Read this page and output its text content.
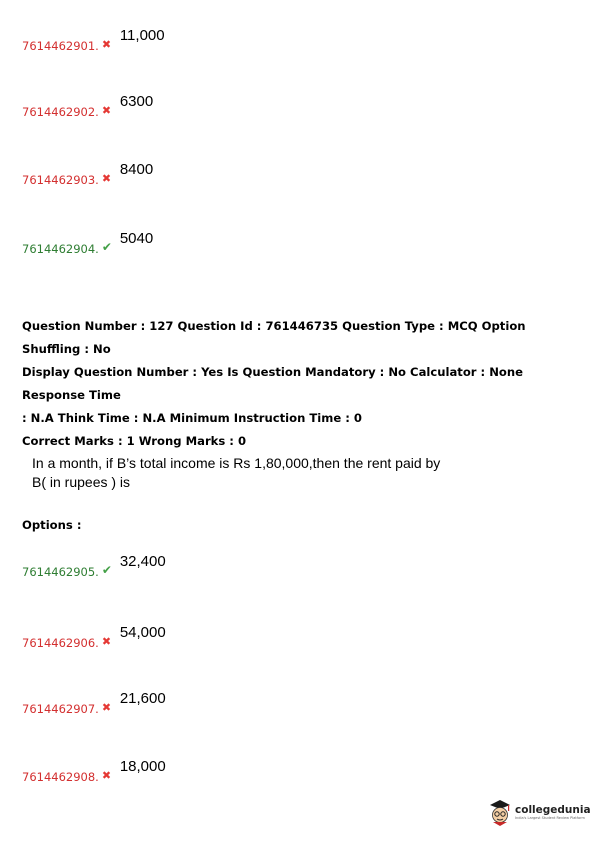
7614462901. ✖
11,000
7614462902. ✖
6300
7614462903. ✖
8400
7614462904. ✔ 5040

Question Number : 127 Question Id : 761446735 Question Type : MCQ Option Shuffling : No

Display Question Number : Yes Is Question Mandatory : No Calculator : None Response Time

: N.A Think Time : N.A Minimum Instruction Time : 0

Correct Marks : 1 Wrong Marks : 0

In a month, if B’s total income is Rs 1,80,000,then the rent paid by

B( in rupees ) is

Options :
7614462905. ✔ 32,400
7614462906. ✖
54,000
7614462907. ✖
21,600
7614462908. ✖
18,000
collegedunia
India's Largest Student Review Platform
